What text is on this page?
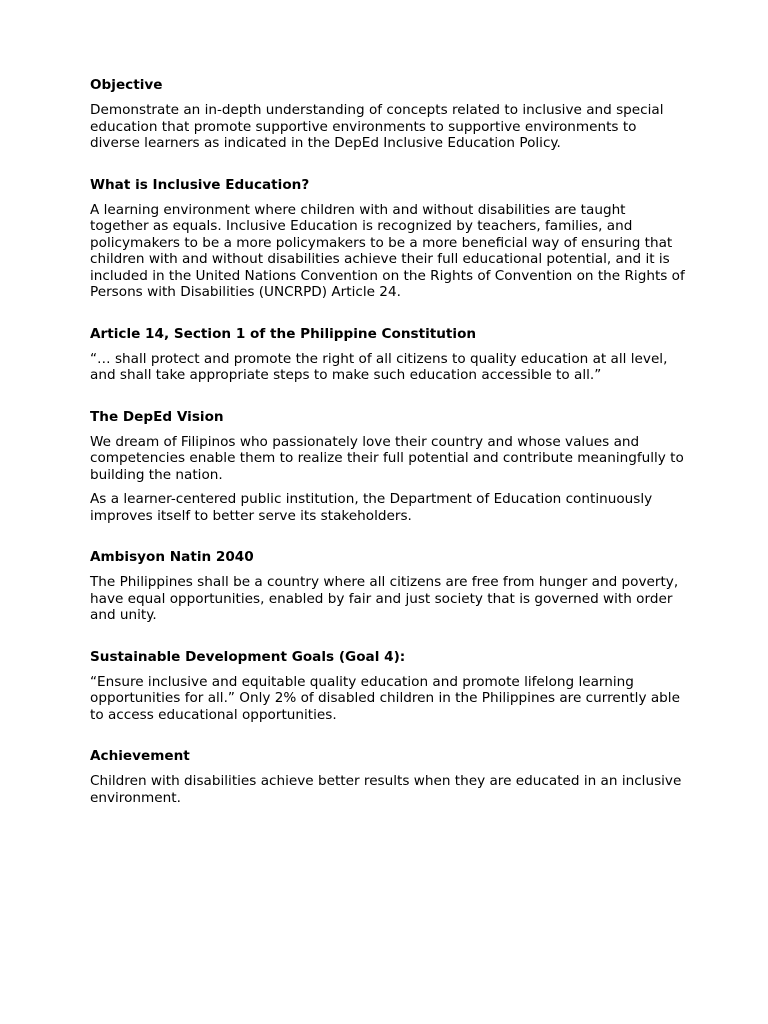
Objective

Demonstrate an in-depth understanding of concepts related to inclusive and special education that promote supportive environments to supportive environments to diverse learners as indicated in the DepEd Inclusive Education Policy.

What is Inclusive Education?

A learning environment where children with and without disabilities are taught together as equals. Inclusive Education is recognized by teachers, families, and policymakers to be a more policymakers to be a more beneficial way of ensuring that children with and without disabilities achieve their full educational potential, and it is included in the United Nations Convention on the Rights of Convention on the Rights of Persons with Disabilities (UNCRPD) Article 24.

Article 14, Section 1 of the Philippine Constitution

“… shall protect and promote the right of all citizens to quality education at all level, and shall take appropriate steps to make such education accessible to all.”

The DepEd Vision

We dream of Filipinos who passionately love their country and whose values and competencies enable them to realize their full potential and contribute meaningfully to building the nation.

As a learner-centered public institution, the Department of Education continuously improves itself to better serve its stakeholders.

Ambisyon Natin 2040

The Philippines shall be a country where all citizens are free from hunger and poverty, have equal opportunities, enabled by fair and just society that is governed with order and unity.

Sustainable Development Goals (Goal 4):

“Ensure inclusive and equitable quality education and promote lifelong learning opportunities for all.” Only 2% of disabled children in the Philippines are currently able to access educational opportunities.

Achievement

Children with disabilities achieve better results when they are educated in an inclusive environment.
